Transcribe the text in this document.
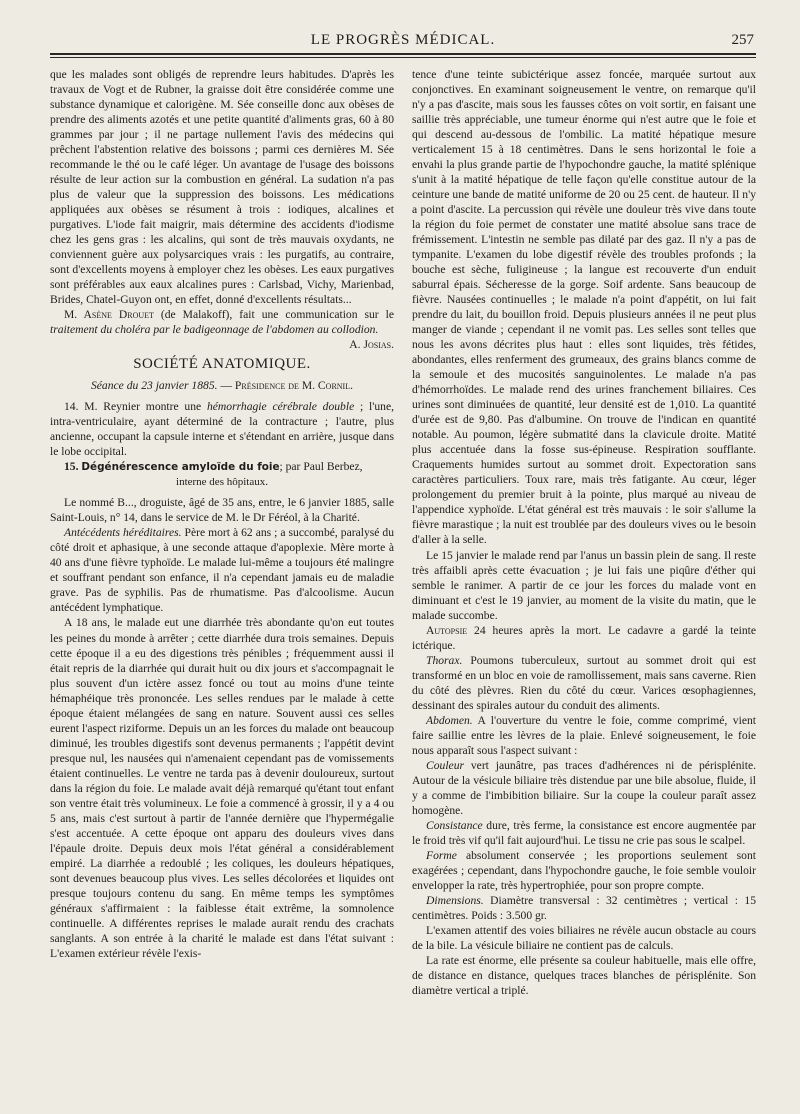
LE PROGRÈS MÉDICAL.	257

que les malades sont obligés de reprendre leurs habitudes. D'après les travaux de Vogt et de Rubner, la graisse doit être considérée comme une substance dynamique et calorigène. M. Sée conseille donc aux obèses de prendre des aliments azotés et une petite quantité d'aliments gras, 60 à 80 grammes par jour ; il ne partage nullement l'avis des médecins qui prêchent l'abstention relative des boissons ; parmi ces dernières M. Sée recommande le thé ou le café léger. Un avantage de l'usage des boissons résulte de leur action sur la combustion en général. La sudation n'a pas plus de valeur que la suppression des boissons. Les médications appliquées aux obèses se résument à trois : iodiques, alcalines et purgatives. L'iode fait maigrir, mais détermine des accidents d'iodisme chez les gens gras : les alcalins, qui sont de très mauvais oxydants, ne conviennent guère aux polysarciques vrais : les purgatifs, au contraire, sont d'excellents moyens à employer chez les obèses. Les eaux purgatives sont préférables aux eaux alcalines pures : Carlsbad, Vichy, Marienbad, Brides, Chatel-Guyon ont, en effet, donné d'excellents résultats...

M. Asène Drouet (de Malakoff), fait une communication sur le traitement du choléra par le badigeonnage de l'abdomen au collodion.
A. Josias.

SOCIÉTÉ ANATOMIQUE.
Séance du 23 janvier 1885. — Présidence de M. Cornil.

14. M. Reynier montre une hémorrhagie cérébrale double ; l'une, intra-ventriculaire, ayant déterminé de la contracture ; l'autre, plus ancienne, occupant la capsule interne et s'étendant en arrière, jusque dans le lobe occipital.

15. Dégénérescence amyloïde du foie; par Paul Berbez,

interne des hôpitaux.

Le nommé B..., droguiste, âgé de 35 ans, entre, le 6 janvier 1885, salle Saint-Louis, n° 14, dans le service de M. le Dr Féréol, à la Charité.

Antécédents héréditaires. Père mort à 62 ans ; a succombé, paralysé du côté droit et aphasique, à une seconde attaque d'apoplexie. Mère morte à 40 ans d'une fièvre typhoïde. Le malade lui-même a toujours été malingre et souffrant pendant son enfance, il n'a cependant jamais eu de maladie grave. Pas de syphilis. Pas de rhumatisme. Pas d'alcoolisme. Aucun antécédent lymphatique.

A 18 ans, le malade eut une diarrhée très abondante qu'on eut toutes les peines du monde à arrêter ; cette diarrhée dura trois semaines. Depuis cette époque il a eu des digestions très pénibles ; fréquemment aussi il était repris de la diarrhée qui durait huit ou dix jours et s'accompagnait le plus souvent d'un ictère assez foncé ou tout au moins d'une teinte hémaphéique très prononcée. Les selles rendues par le malade à cette époque étaient mélangées de sang en nature. Souvent aussi ces selles eurent l'aspect riziforme. Depuis un an les forces du malade ont beaucoup diminué, les troubles digestifs sont devenus permanents ; l'appétit devint presque nul, les nausées qui n'amenaient cependant pas de vomissements étaient continuelles. Le ventre ne tarda pas à devenir douloureux, surtout dans la région du foie. Le malade avait déjà remarqué qu'étant tout enfant son ventre était très volumineux. Le foie a commencé à grossir, il y a 4 ou 5 ans, mais c'est surtout à partir de l'année dernière que l'hypermégalie s'est accentuée. A cette époque ont apparu des douleurs vives dans l'épaule droite. Depuis deux mois l'état général a considérablement empiré. La diarrhée a redoublé ; les coliques, les douleurs hépatiques, sont devenues beaucoup plus vives. Les selles décolorées et liquides ont presque toujours contenu du sang. En même temps les symptômes généraux s'affirmaient : la faiblesse était extrême, la somnolence continuelle. A différentes reprises le malade aurait rendu des crachats sanglants. A son entrée à la charité le malade est dans l'état suivant : L'examen extérieur révèle l'exis-

tence d'une teinte subictérique assez foncée, marquée surtout aux conjonctives. En examinant soigneusement le ventre, on remarque qu'il n'y a pas d'ascite, mais sous les fausses côtes on voit sortir, en faisant une saillie très appréciable, une tumeur énorme qui n'est autre que le foie et qui descend au-dessous de l'ombilic. La matité hépatique mesure verticalement 15 à 18 centimètres. Dans le sens horizontal le foie a envahi la plus grande partie de l'hypochondre gauche, la matité splénique s'unit à la matité hépatique de telle façon qu'elle constitue autour de la ceinture une bande de matité uniforme de 20 ou 25 cent. de hauteur. Il n'y a point d'ascite. La percussion qui révèle une douleur très vive dans toute la région du foie permet de constater une matité absolue sans trace de frémissement. L'intestin ne semble pas dilaté par des gaz. Il n'y a pas de tympanite. L'examen du lobe digestif révèle des troubles profonds ; la bouche est sèche, fuligineuse ; la langue est recouverte d'un enduit saburral épais. Sécheresse de la gorge. Soif ardente. Sans beaucoup de fièvre. Nausées continuelles ; le malade n'a point d'appétit, on lui fait prendre du lait, du bouillon froid. Depuis plusieurs années il ne peut plus manger de viande ; cependant il ne vomit pas. Les selles sont telles que nous les avons décrites plus haut : elles sont liquides, très fétides, abondantes, elles renferment des grumeaux, des grains blancs comme de la semoule et des mucosités sanguinolentes. Le malade n'a pas d'hémorrhoïdes. Le malade rend des urines franchement biliaires. Ces urines sont diminuées de quantité, leur densité est de 1,010. La quantité d'urée est de 9,80. Pas d'albumine. On trouve de l'indican en quantité notable. Au poumon, légère submatité dans la clavicule droite. Matité plus accentuée dans la fosse sus-épineuse. Respiration soufflante. Craquements humides surtout au sommet droit. Expectoration sans caractères particuliers. Toux rare, mais très fatigante. Au cœur, léger prolongement du premier bruit à la pointe, plus marqué au niveau de l'appendice xyphoïde. L'état général est très mauvais : le soir s'allume la fièvre marastique ; la nuit est troublée par des douleurs vives ou le besoin d'aller à la selle.

Le 15 janvier le malade rend par l'anus un bassin plein de sang. Il reste très affaibli après cette évacuation ; je lui fais une piqûre d'éther qui semble le ranimer. A partir de ce jour les forces du malade vont en diminuant et c'est le 19 janvier, au moment de la visite du matin, que le malade succombe.

Autopsie 24 heures après la mort. Le cadavre a gardé la teinte ictérique.

Thorax. Poumons tuberculeux, surtout au sommet droit qui est transformé en un bloc en voie de ramollissement, mais sans caverne. Rien du côté des plèvres. Rien du côté du cœur. Varices œsophagiennes, dessinant des spirales autour du conduit des aliments.

Abdomen. A l'ouverture du ventre le foie, comme comprimé, vient faire saillie entre les lèvres de la plaie. Enlevé soigneusement, le foie nous apparaît sous l'aspect suivant :

Couleur vert jaunâtre, pas traces d'adhérences ni de périsplénite. Autour de la vésicule biliaire très distendue par une bile absolue, fluide, il y a comme de l'imbibition biliaire. Sur la coupe la couleur paraît assez homogène.

Consistance dure, très ferme, la consistance est encore augmentée par le froid très vif qu'il fait aujourd'hui. Le tissu ne crie pas sous le scalpel.

Forme absolument conservée ; les proportions seulement sont exagérées ; cependant, dans l'hypochondre gauche, le foie semble vouloir envelopper la rate, très hypertrophiée, pour son propre compte.

Dimensions. Diamètre transversal : 32 centimètres ; vertical : 15 centimètres. Poids : 3.500 gr.

L'examen attentif des voies biliaires ne révèle aucun obstacle au cours de la bile. La vésicule biliaire ne contient pas de calculs.

La rate est énorme, elle présente sa couleur habituelle, mais elle offre, de distance en distance, quelques traces blanches de périsplénite. Son diamètre vertical a triplé.
